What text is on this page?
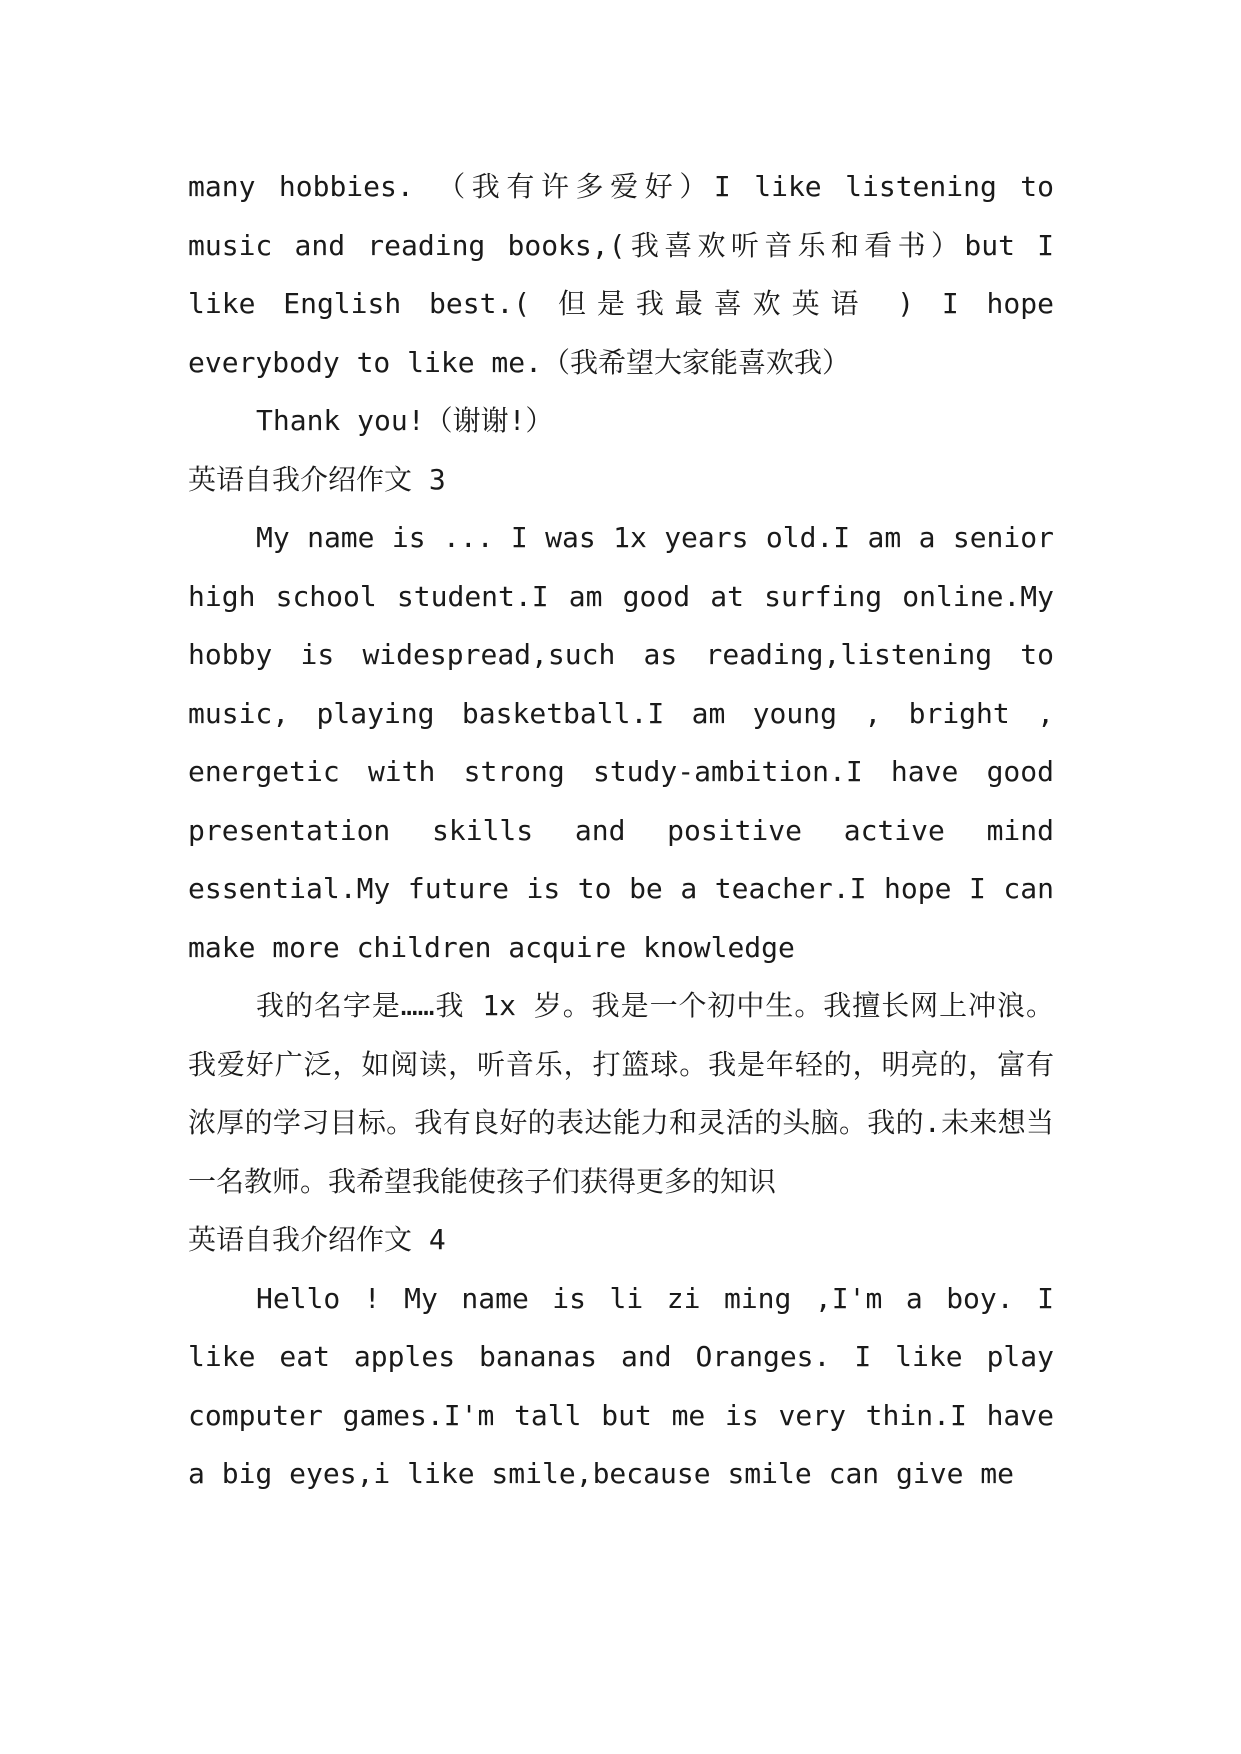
many hobbies. （我有许多爱好）I like listening to music and reading books,(我喜欢听音乐和看书）but I like English best.( 但是我最喜欢英语 ) I hope everybody to like me.（我希望大家能喜欢我）

Thank you!（谢谢!）

英语自我介绍作文 3

My name is ... I was 1x years old.I am a senior high school student.I am good at surfing online.My hobby is widespread,such as reading,listening to music, playing basketball.I am young , bright , energetic with strong study-ambition.I have good presentation skills and positive active mind essential.My future is to be a teacher.I hope I can make more children acquire knowledge

我的名字是……我 1x 岁。我是一个初中生。我擅长网上冲浪。我爱好广泛，如阅读，听音乐，打篮球。我是年轻的，明亮的，富有浓厚的学习目标。我有良好的表达能力和灵活的头脑。我的.未来想当一名教师。我希望我能使孩子们获得更多的知识

英语自我介绍作文 4

Hello ! My name is li zi ming ,I'm a boy. I like eat apples bananas and Oranges. I like play computer games.I'm tall but me is very thin.I have a big eyes,i like smile,because smile can give me
